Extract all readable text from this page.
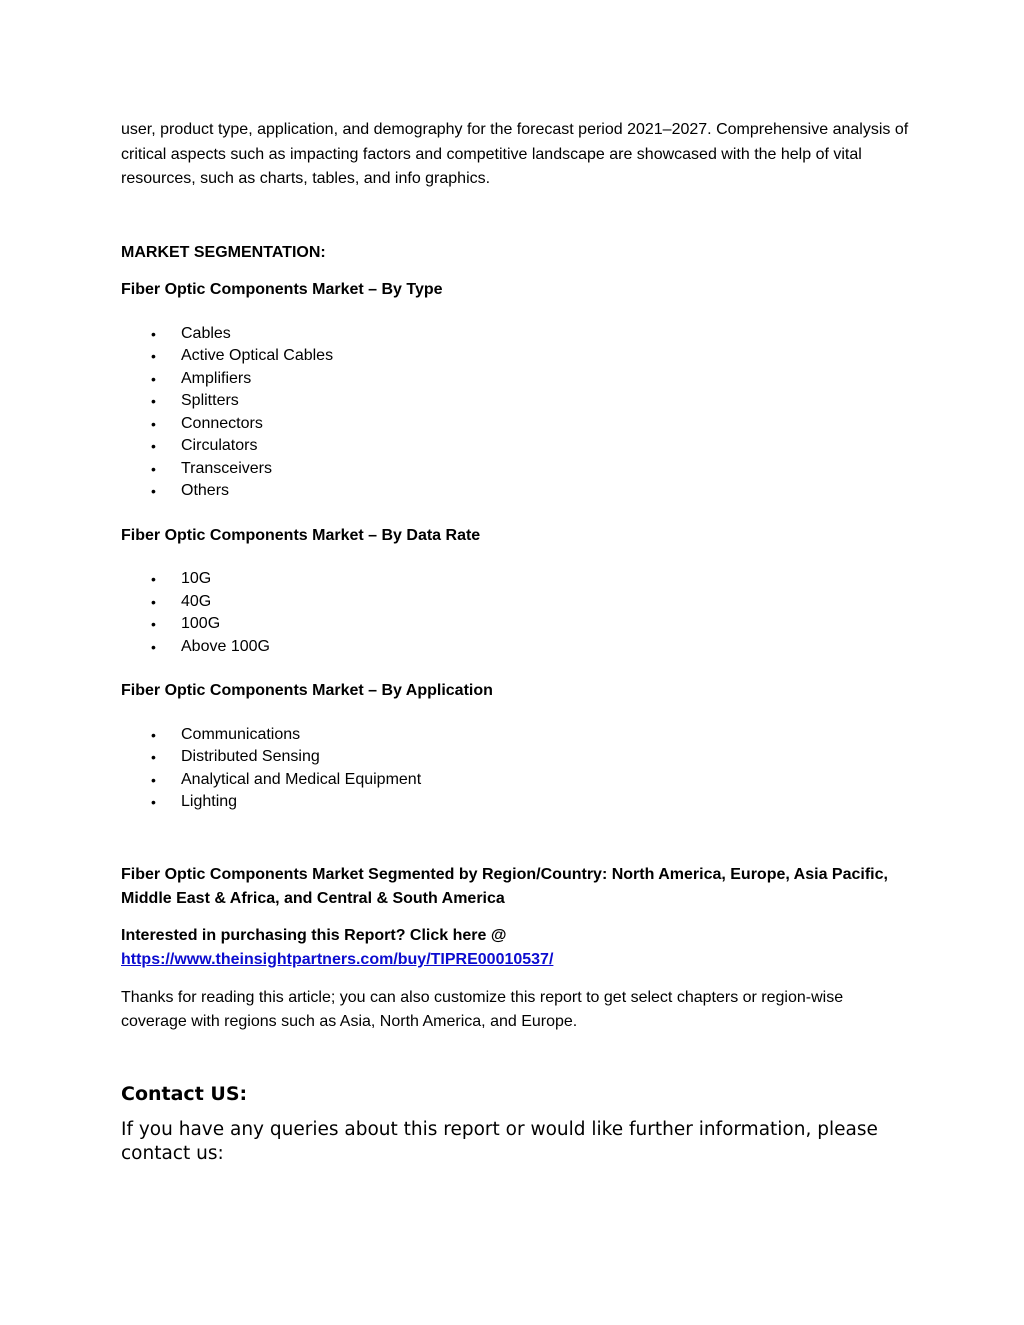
user, product type, application, and demography for the forecast period 2021–2027. Comprehensive analysis of critical aspects such as impacting factors and competitive landscape are showcased with the help of vital resources, such as charts, tables, and info graphics.

MARKET SEGMENTATION:

Fiber Optic Components Market – By Type

• Cables
• Active Optical Cables
• Amplifiers
• Splitters
• Connectors
• Circulators
• Transceivers
• Others

Fiber Optic Components Market – By Data Rate

• 10G
• 40G
• 100G
• Above 100G

Fiber Optic Components Market – By Application

• Communications
• Distributed Sensing
• Analytical and Medical Equipment
• Lighting

Fiber Optic Components Market Segmented by Region/Country: North America, Europe, Asia Pacific, Middle East & Africa, and Central & South America

Interested in purchasing this Report? Click here @

https://www.theinsightpartners.com/buy/TIPRE00010537/

Thanks for reading this article; you can also customize this report to get select chapters or region-wise coverage with regions such as Asia, North America, and Europe.

Contact US:

If you have any queries about this report or would like further information, please contact us:
